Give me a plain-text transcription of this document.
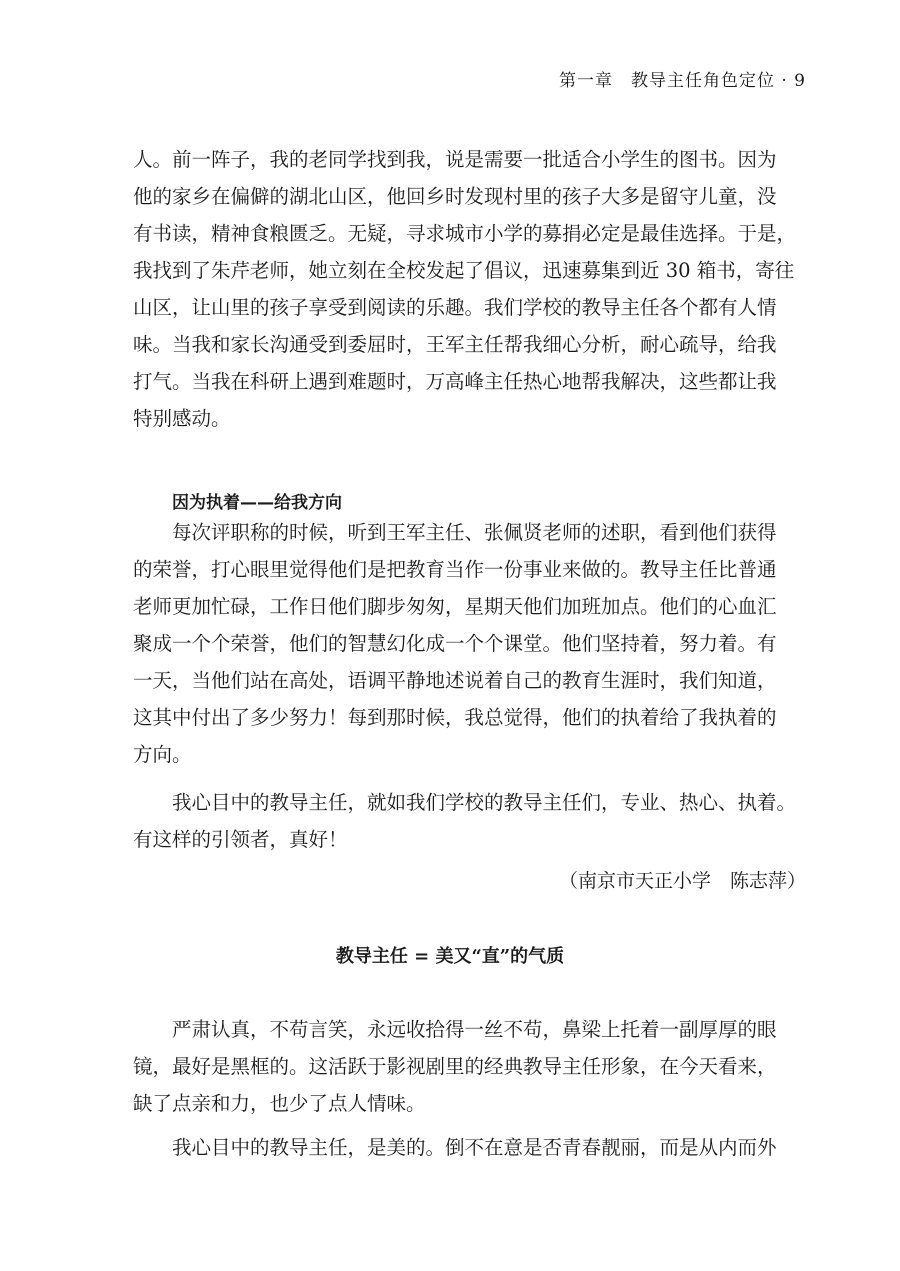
第一章　教导主任角色定位 · 9
人。前一阵子，我的老同学找到我，说是需要一批适合小学生的图书。因为
他的家乡在偏僻的湖北山区，他回乡时发现村里的孩子大多是留守儿童，没
有书读，精神食粮匮乏。无疑，寻求城市小学的募捐必定是最佳选择。于是，
我找到了朱芹老师，她立刻在全校发起了倡议，迅速募集到近 30 箱书，寄往
山区，让山里的孩子享受到阅读的乐趣。我们学校的教导主任各个都有人情
味。当我和家长沟通受到委屈时，王军主任帮我细心分析，耐心疏导，给我
打气。当我在科研上遇到难题时，万高峰主任热心地帮我解决，这些都让我
特别感动。
因为执着——给我方向
每次评职称的时候，听到王军主任、张佩贤老师的述职，看到他们获得
的荣誉，打心眼里觉得他们是把教育当作一份事业来做的。教导主任比普通
老师更加忙碌，工作日他们脚步匆匆，星期天他们加班加点。他们的心血汇
聚成一个个荣誉，他们的智慧幻化成一个个课堂。他们坚持着，努力着。有
一天，当他们站在高处，语调平静地述说着自己的教育生涯时，我们知道，
这其中付出了多少努力！每到那时候，我总觉得，他们的执着给了我执着的
方向。
我心目中的教导主任，就如我们学校的教导主任们，专业、热心、执着。
有这样的引领者，真好！
（南京市天正小学　陈志萍）
教导主任 = 美又“直”的气质
严肃认真，不苟言笑，永远收拾得一丝不苟，鼻梁上托着一副厚厚的眼
镜，最好是黑框的。这活跃于影视剧里的经典教导主任形象，在今天看来，
缺了点亲和力，也少了点人情味。
我心目中的教导主任，是美的。倒不在意是否青春靓丽，而是从内而外
